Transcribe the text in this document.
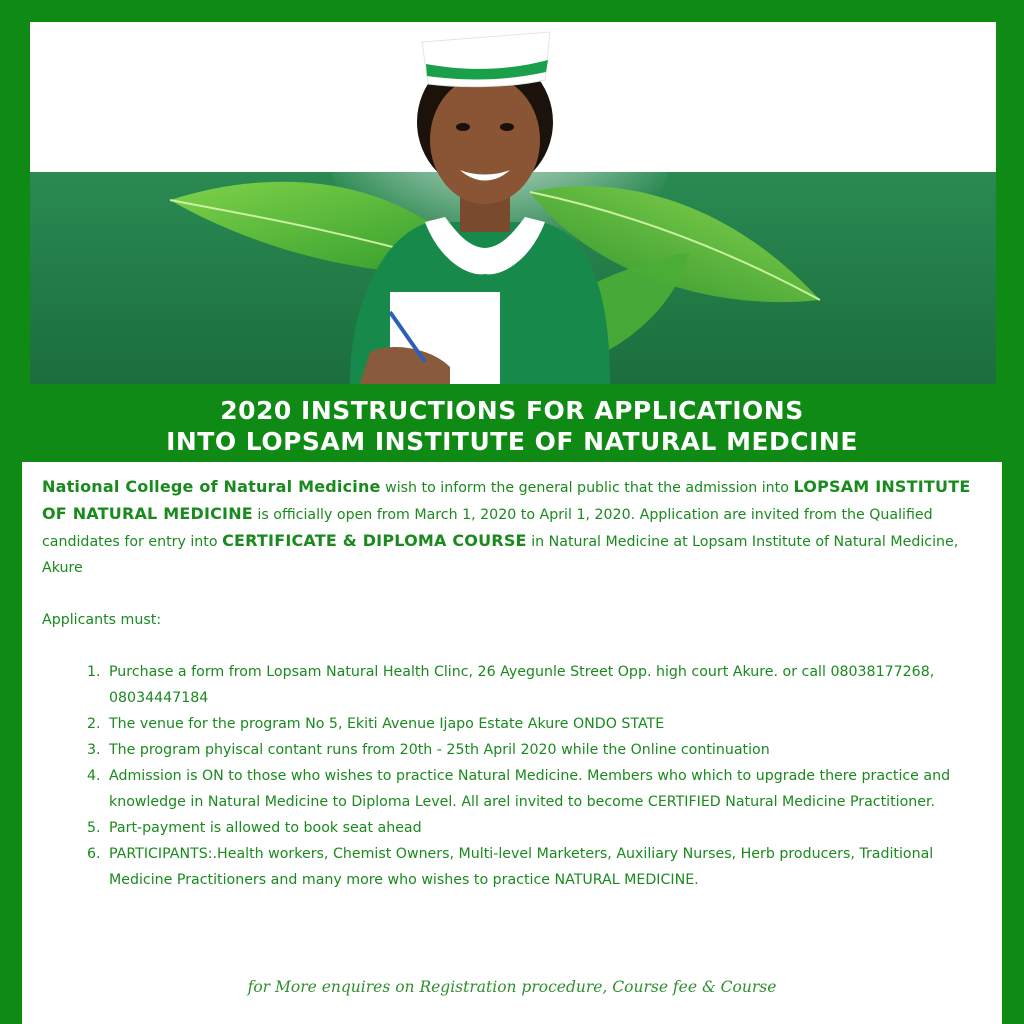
2020 INSTRUCTIONS FOR APPLICATIONS
INTO LOPSAM INSTITUTE OF NATURAL MEDCINE

National College of Natural Medicine wish to inform the general public that the admission into LOPSAM INSTITUTE OF NATURAL MEDICINE is officially open from March 1, 2020 to April 1, 2020. Application are invited from the Qualified candidates for entry into CERTIFICATE & DIPLOMA COURSE in Natural Medicine at Lopsam Institute of Natural Medicine, Akure

Applicants must:

1. Purchase a form from Lopsam Natural Health Clinc, 26 Ayegunle Street Opp. high court Akure. or call 08038177268, 08034447184
2. The venue for the program No 5, Ekiti Avenue Ijapo Estate Akure ONDO STATE
3. The program phyiscal contant runs from 20th - 25th April 2020 while the Online continuation
4. Admission is ON to those who wishes to practice Natural Medicine. Members who which to upgrade there practice and knowledge in Natural Medicine to Diploma Level. All arel invited to become CERTIFIED Natural Medicine Practitioner.
5. Part-payment is allowed to book seat ahead
6. PARTICIPANTS:.Health workers, Chemist Owners, Multi-level Marketers, Auxiliary Nurses, Herb producers, Traditional Medicine Practitioners and many more who wishes to practice NATURAL MEDICINE.
for More enquires on Registration procedure, Course fee & Course
